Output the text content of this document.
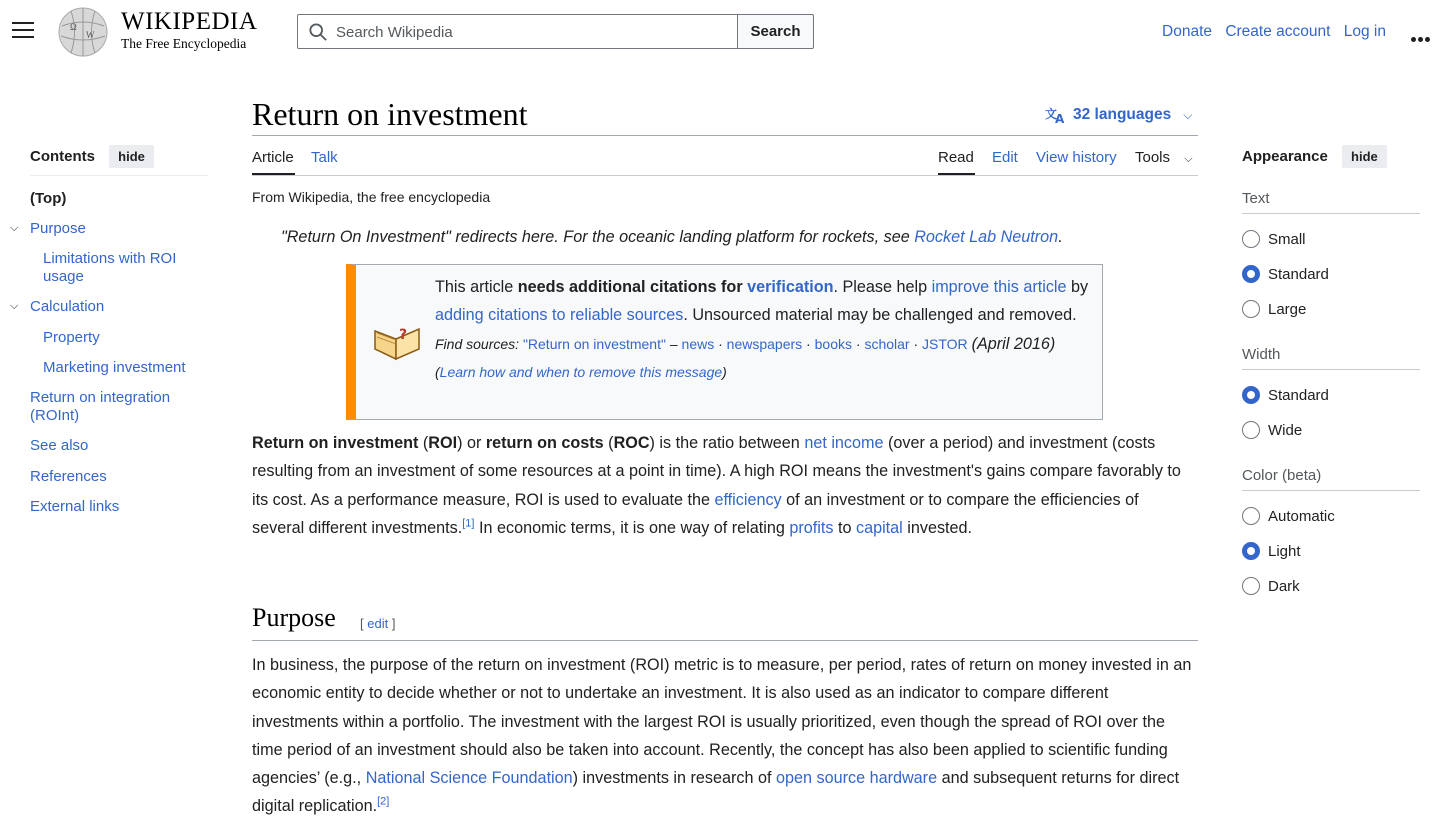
Ω
W WIKIPEDIA
The Free Encyclopedia
Search Wikipedia	Search	Donate Create account Log in
Contents hide
(Top)
⌵ Purpose
Limitations with ROI usage
⌵ Calculation
Property
Marketing investment
Return on integration (ROInt)
See also
References
External links
Return on investment	文
A 32 languages ⌵
Article Talk	Read Edit View history Tools ⌵
From Wikipedia, the free encyclopedia
"Return On Investment" redirects here. For the oceanic landing platform for rockets, see Rocket Lab Neutron.
?
This article needs additional citations for verification. Please help improve this article by adding citations to reliable sources. Unsourced material may be challenged and removed.
Find sources: "Return on investment" – news · newspapers · books · scholar · JSTOR (April 2016)
(Learn how and when to remove this message)

Return on investment (ROI) or return on costs (ROC) is the ratio between net income (over a period) and investment (costs resulting from an investment of some resources at a point in time). A high ROI means the investment's gains compare favorably to its cost. As a performance measure, ROI is used to evaluate the efficiency of an investment or to compare the efficiencies of several different investments.[1] In economic terms, it is one way of relating profits to capital invested.

Purpose [ edit ]

In business, the purpose of the return on investment (ROI) metric is to measure, per period, rates of return on money invested in an economic entity to decide whether or not to undertake an investment. It is also used as an indicator to compare different investments within a portfolio. The investment with the largest ROI is usually prioritized, even though the spread of ROI over the time period of an investment should also be taken into account. Recently, the concept has also been applied to scientific funding agencies’ (e.g., National Science Foundation) investments in research of open source hardware and subsequent returns for direct digital replication.[2]

Appearance hide
Text
Small
Standard
Large
Width
Standard
Wide
Color (beta)
Automatic
Light
Dark
